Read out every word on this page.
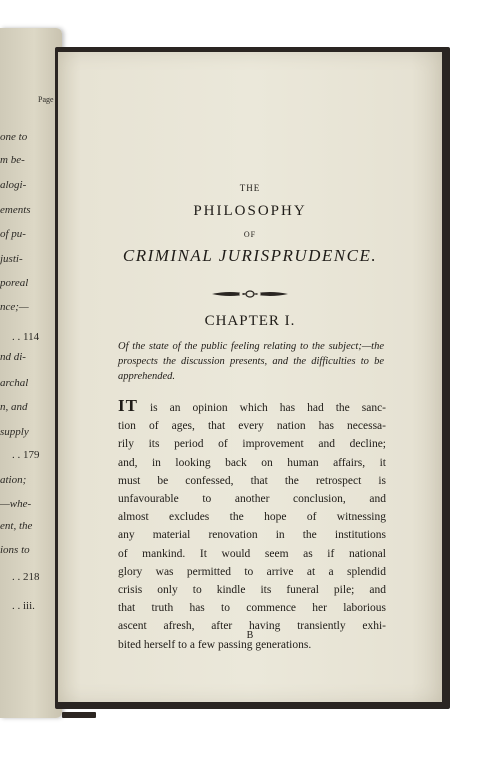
Page
one to
m be-
alogi-
ements
of pu-
justi-
poreal
nce;—
. . 114
nd di-
archal
n, and
supply
. . 179
ation;
—whe-
ent, the
ions to
. . 218
. . iii.
THE
PHILOSOPHY
OF
CRIMINAL JURISPRUDENCE.
CHAPTER I.
Of the state of the public feeling relating to the subject;—the prospects the discussion presents, and the difficulties to be apprehended.
IT is an opinion which has had the sanc-
tion of ages, that every nation has necessa-
rily its period of improvement and decline;
and, in looking back on human affairs, it
must be confessed, that the retrospect is
unfavourable to another conclusion, and
almost excludes the hope of witnessing
any material renovation in the institutions
of mankind. It would seem as if national
glory was permitted to arrive at a splendid
crisis only to kindle its funeral pile; and
that truth has to commence her laborious
ascent afresh, after having transiently exhi-
bited herself to a few passing generations.
B
